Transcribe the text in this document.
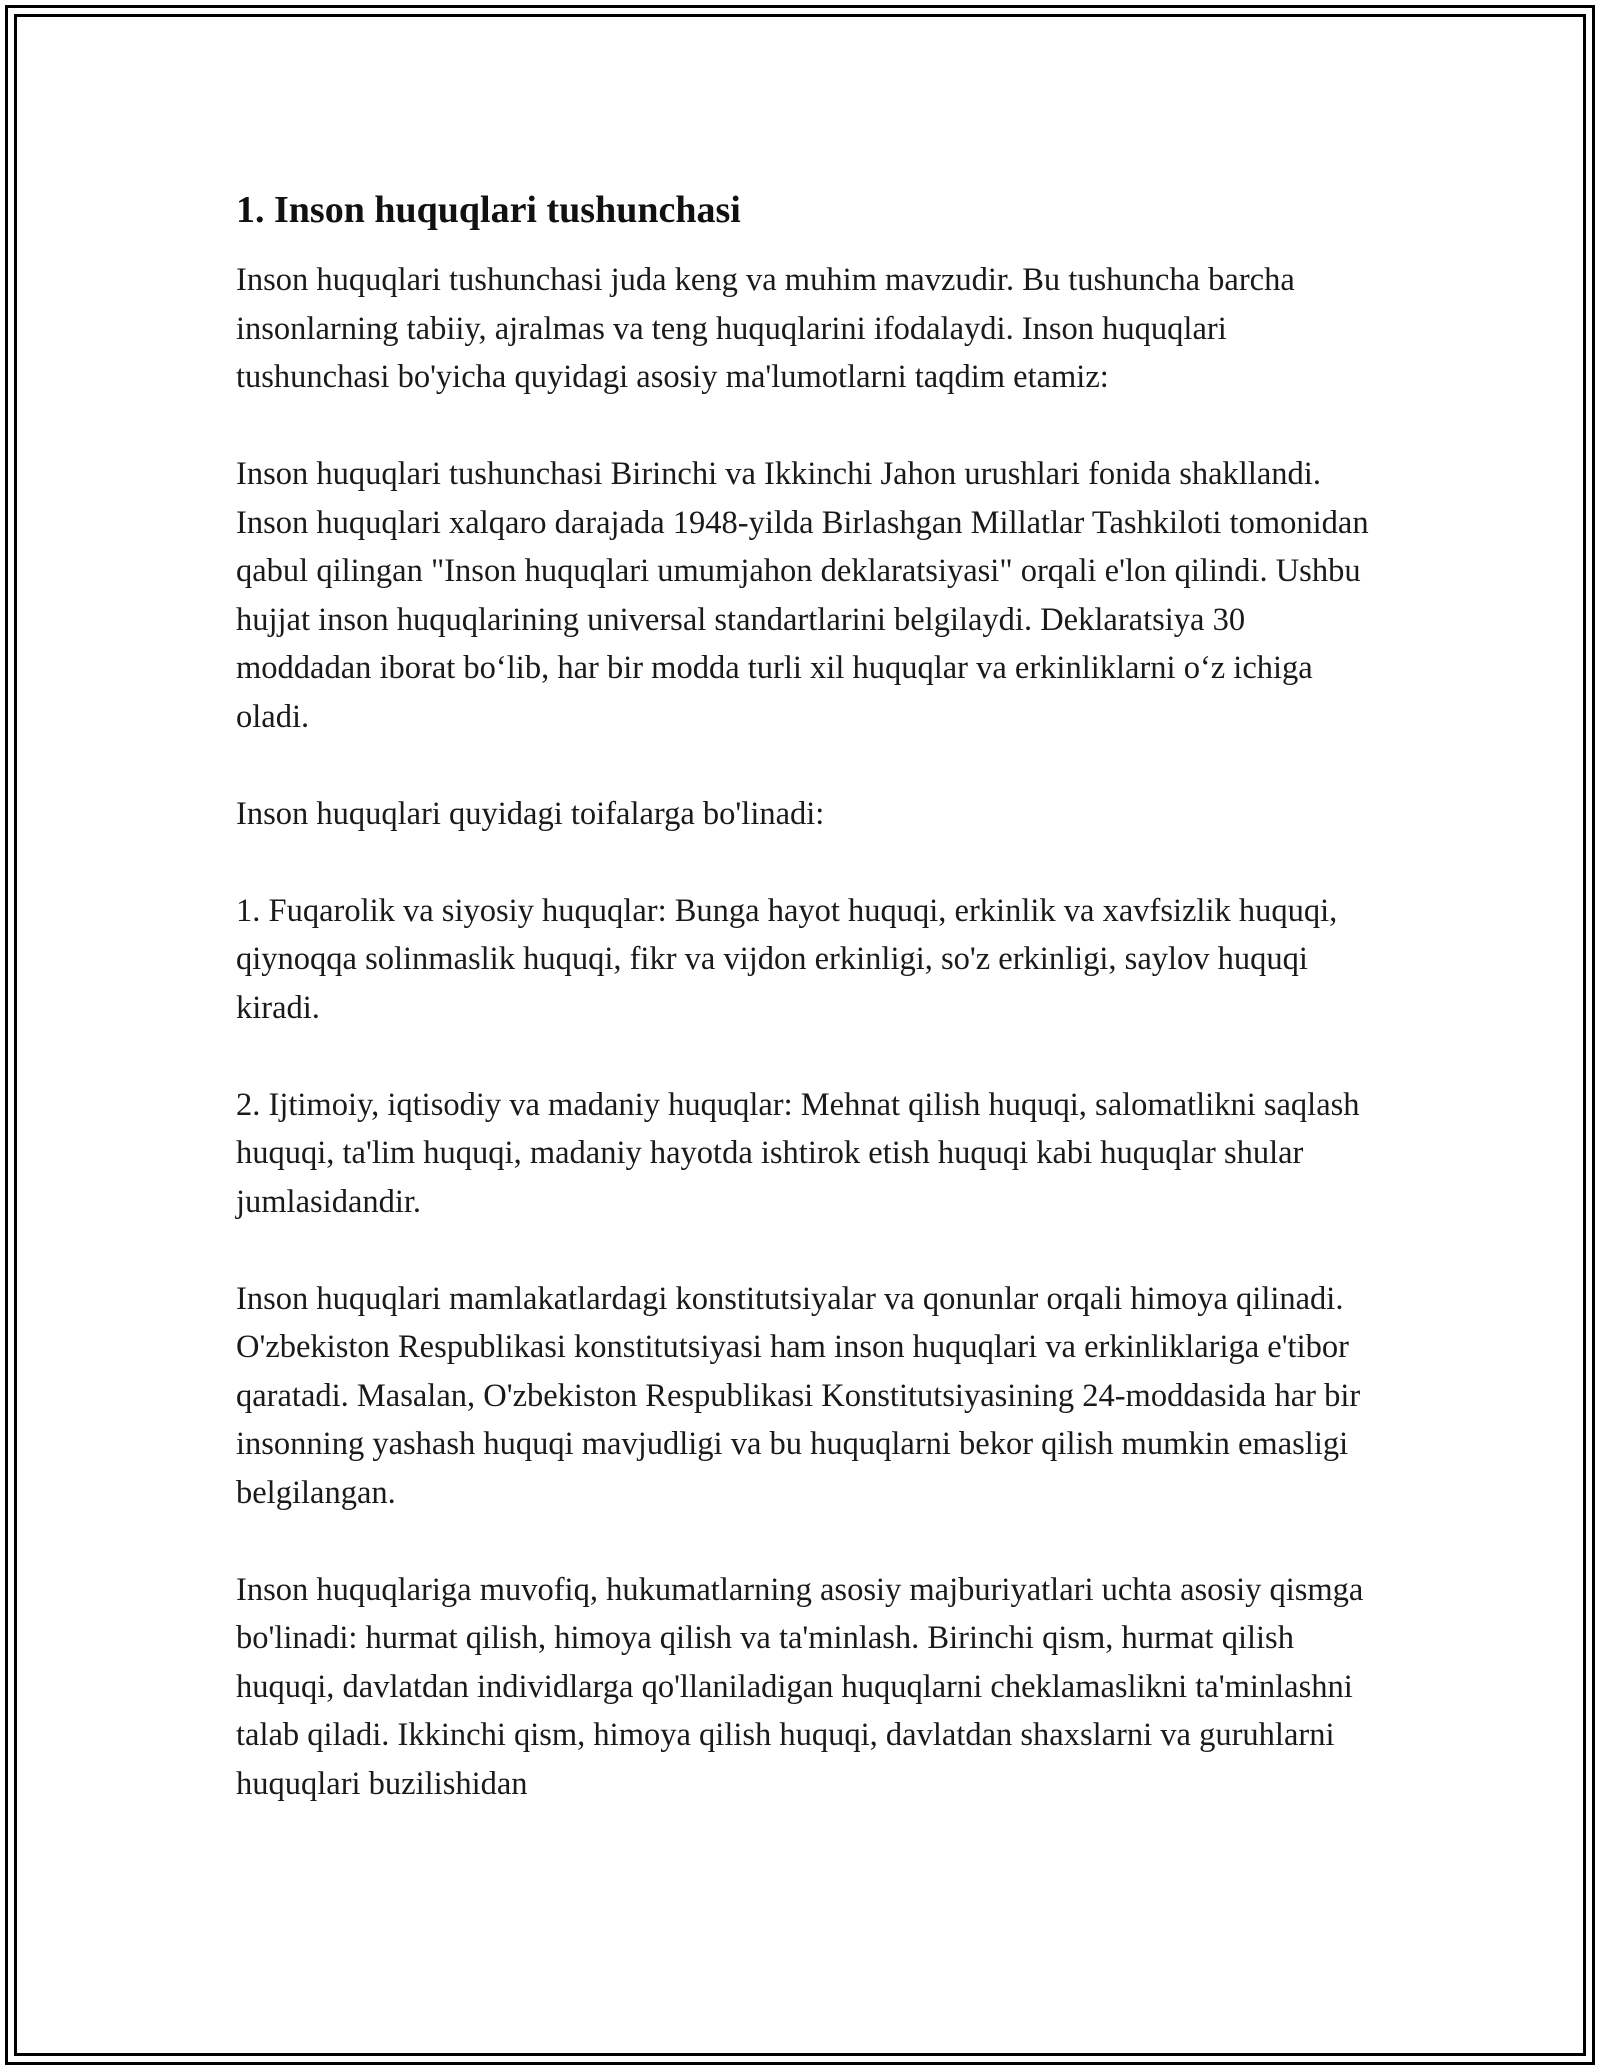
1. Inson huquqlari tushunchasi

Inson huquqlari tushunchasi juda keng va muhim mavzudir. Bu tushuncha barcha insonlarning tabiiy, ajralmas va teng huquqlarini ifodalaydi. Inson huquqlari tushunchasi bo'yicha quyidagi asosiy ma'lumotlarni taqdim etamiz:

Inson huquqlari tushunchasi Birinchi va Ikkinchi Jahon urushlari fonida shakllandi. Inson huquqlari xalqaro darajada 1948-yilda Birlashgan Millatlar Tashkiloti tomonidan qabul qilingan "Inson huquqlari umumjahon deklaratsiyasi" orqali e'lon qilindi. Ushbu hujjat inson huquqlarining universal standartlarini belgilaydi. Deklaratsiya 30 moddadan iborat bo‘lib, har bir modda turli xil huquqlar va erkinliklarni o‘z ichiga oladi.

Inson huquqlari quyidagi toifalarga bo'linadi:

1. Fuqarolik va siyosiy huquqlar: Bunga hayot huquqi, erkinlik va xavfsizlik huquqi, qiynoqqa solinmaslik huquqi, fikr va vijdon erkinligi, so'z erkinligi, saylov huquqi kiradi.

2. Ijtimoiy, iqtisodiy va madaniy huquqlar: Mehnat qilish huquqi, salomatlikni saqlash huquqi, ta'lim huquqi, madaniy hayotda ishtirok etish huquqi kabi huquqlar shular jumlasidandir.

Inson huquqlari mamlakatlardagi konstitutsiyalar va qonunlar orqali himoya qilinadi. O'zbekiston Respublikasi konstitutsiyasi ham inson huquqlari va erkinliklariga e'tibor qaratadi. Masalan, O'zbekiston Respublikasi Konstitutsiyasining 24-moddasida har bir insonning yashash huquqi mavjudligi va bu huquqlarni bekor qilish mumkin emasligi belgilangan.

Inson huquqlariga muvofiq, hukumatlarning asosiy majburiyatlari uchta asosiy qismga bo'linadi: hurmat qilish, himoya qilish va ta'minlash. Birinchi qism, hurmat qilish huquqi, davlatdan individlarga qo'llaniladigan huquqlarni cheklamaslikni ta'minlashni talab qiladi. Ikkinchi qism, himoya qilish huquqi, davlatdan shaxslarni va guruhlarni huquqlari buzilishidan
